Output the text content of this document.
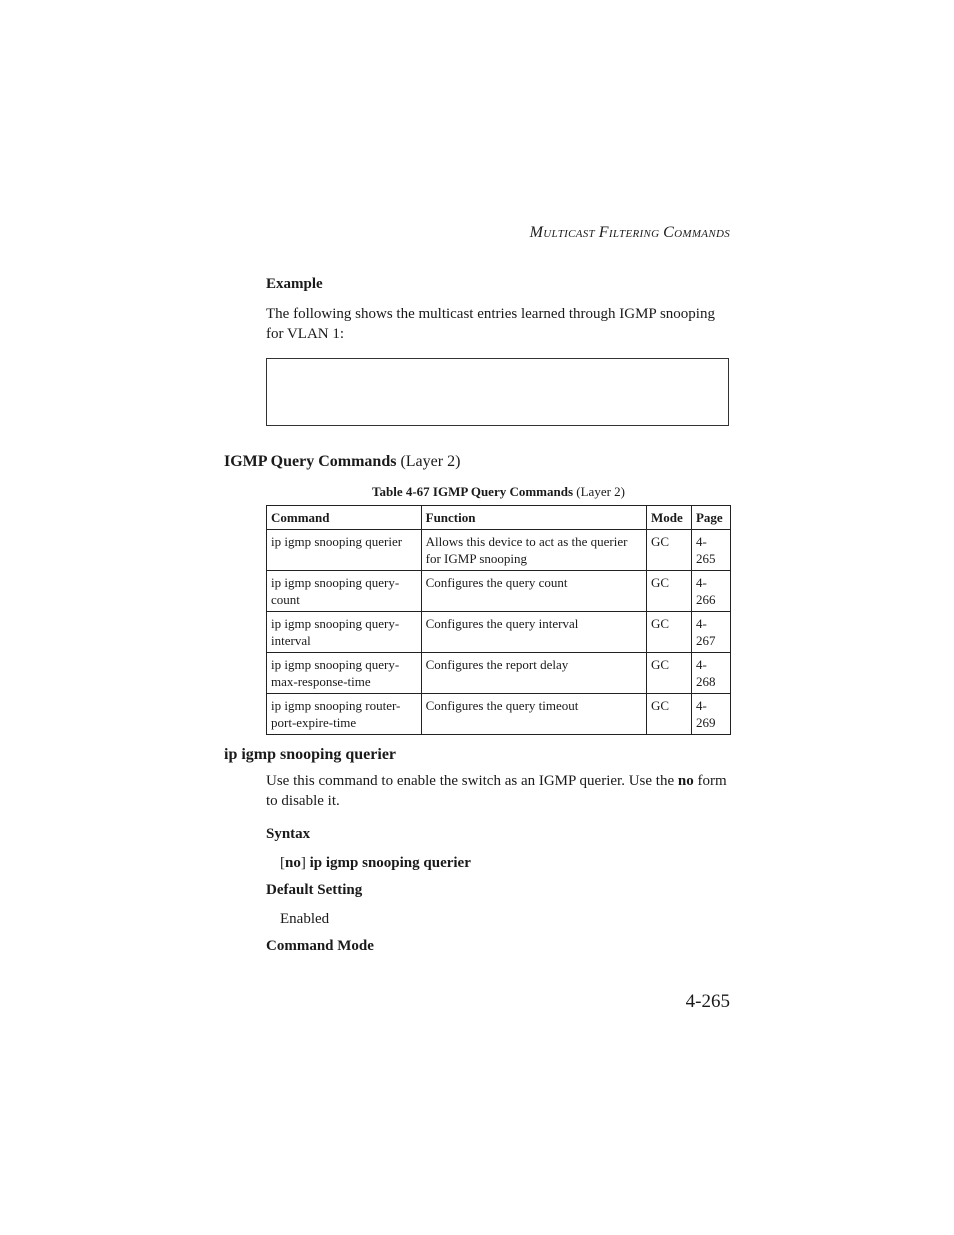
MULTICAST FILTERING COMMANDS
Example
The following shows the multicast entries learned through IGMP snooping for VLAN 1:
IGMP Query Commands (Layer 2)
Table 4-67 IGMP Query Commands (Layer 2)
Command	Function	Mode	Page
ip igmp snooping querier	Allows this device to act as the querier for IGMP snooping	GC	4-265
ip igmp snooping query-count	Configures the query count	GC	4-266
ip igmp snooping query-interval	Configures the query interval	GC	4-267
ip igmp snooping query-max-response-time	Configures the report delay	GC	4-268
ip igmp snooping router-port-expire-time	Configures the query timeout	GC	4-269
ip igmp snooping querier
Use this command to enable the switch as an IGMP querier. Use the no form to disable it.
Syntax
[no] ip igmp snooping querier
Default Setting
Enabled
Command Mode
4-265
